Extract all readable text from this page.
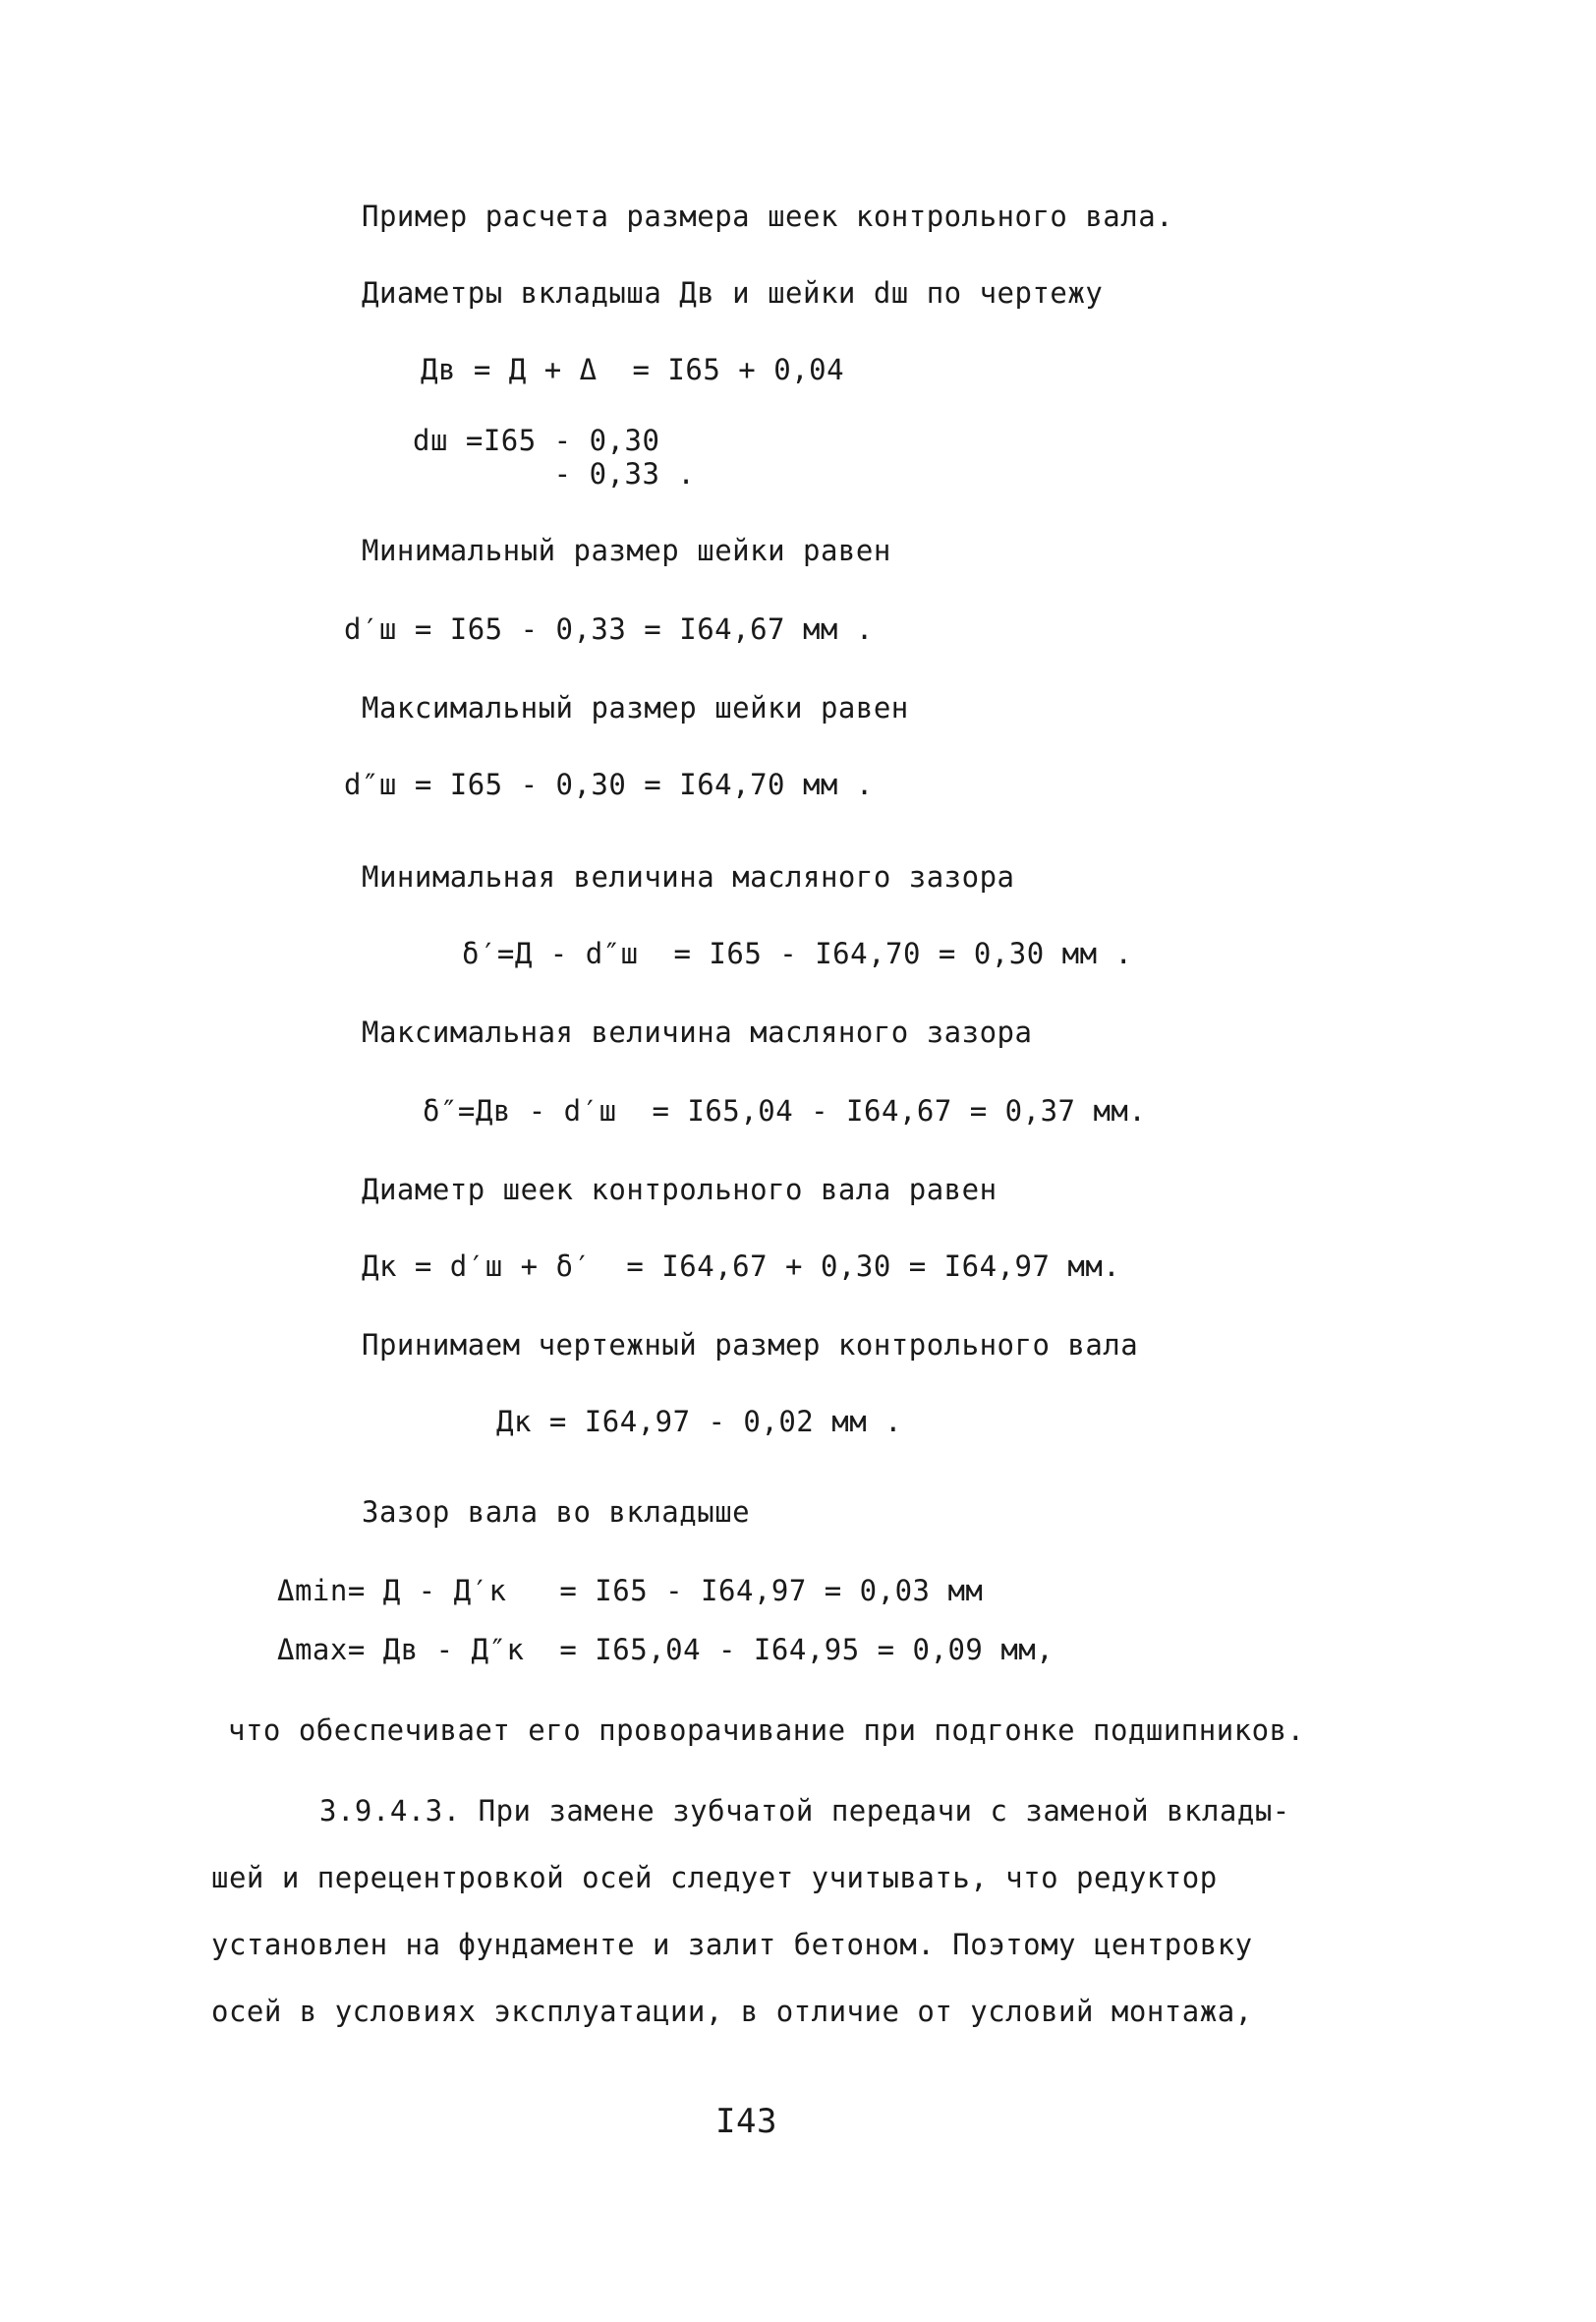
Пример расчета размера шеек контрольного вала.
Диаметры вкладыша Дв и шейки dш по чертежу
Дв = Д + Δ  = I65 + 0,04
dш =I65 - 0,30
- 0,33 .
Минимальный размер шейки равен
d′ш = I65 - 0,33 = I64,67 мм .
Максимальный размер шейки равен
d″ш = I65 - 0,30 = I64,70 мм .
Минимальная величина масляного зазора
δ′=Д - d″ш  = I65 - I64,70 = 0,30 мм .
Максимальная величина масляного зазора
δ″=Дв - d′ш  = I65,04 - I64,67 = 0,37 мм.
Диаметр шеек контрольного вала равен
Дк = d′ш + δ′  = I64,67 + 0,30 = I64,97 мм.
Принимаем чертежный размер контрольного вала
Дк = I64,97 - 0,02 мм .
Зазор вала во вкладыше
Δmin= Д - Д′к   = I65 - I64,97 = 0,03 мм
Δmax= Дв - Д″к  = I65,04 - I64,95 = 0,09 мм,
что обеспечивает его проворачивание при подгонке подшипников.
3.9.4.3. При замене зубчатой передачи с заменой вклады-
шей и перецентровкой осей следует учитывать, что редуктор
установлен на фундаменте и залит бетоном. Поэтому центровку
осей в условиях эксплуатации, в отличие от условий монтажа,
I43
